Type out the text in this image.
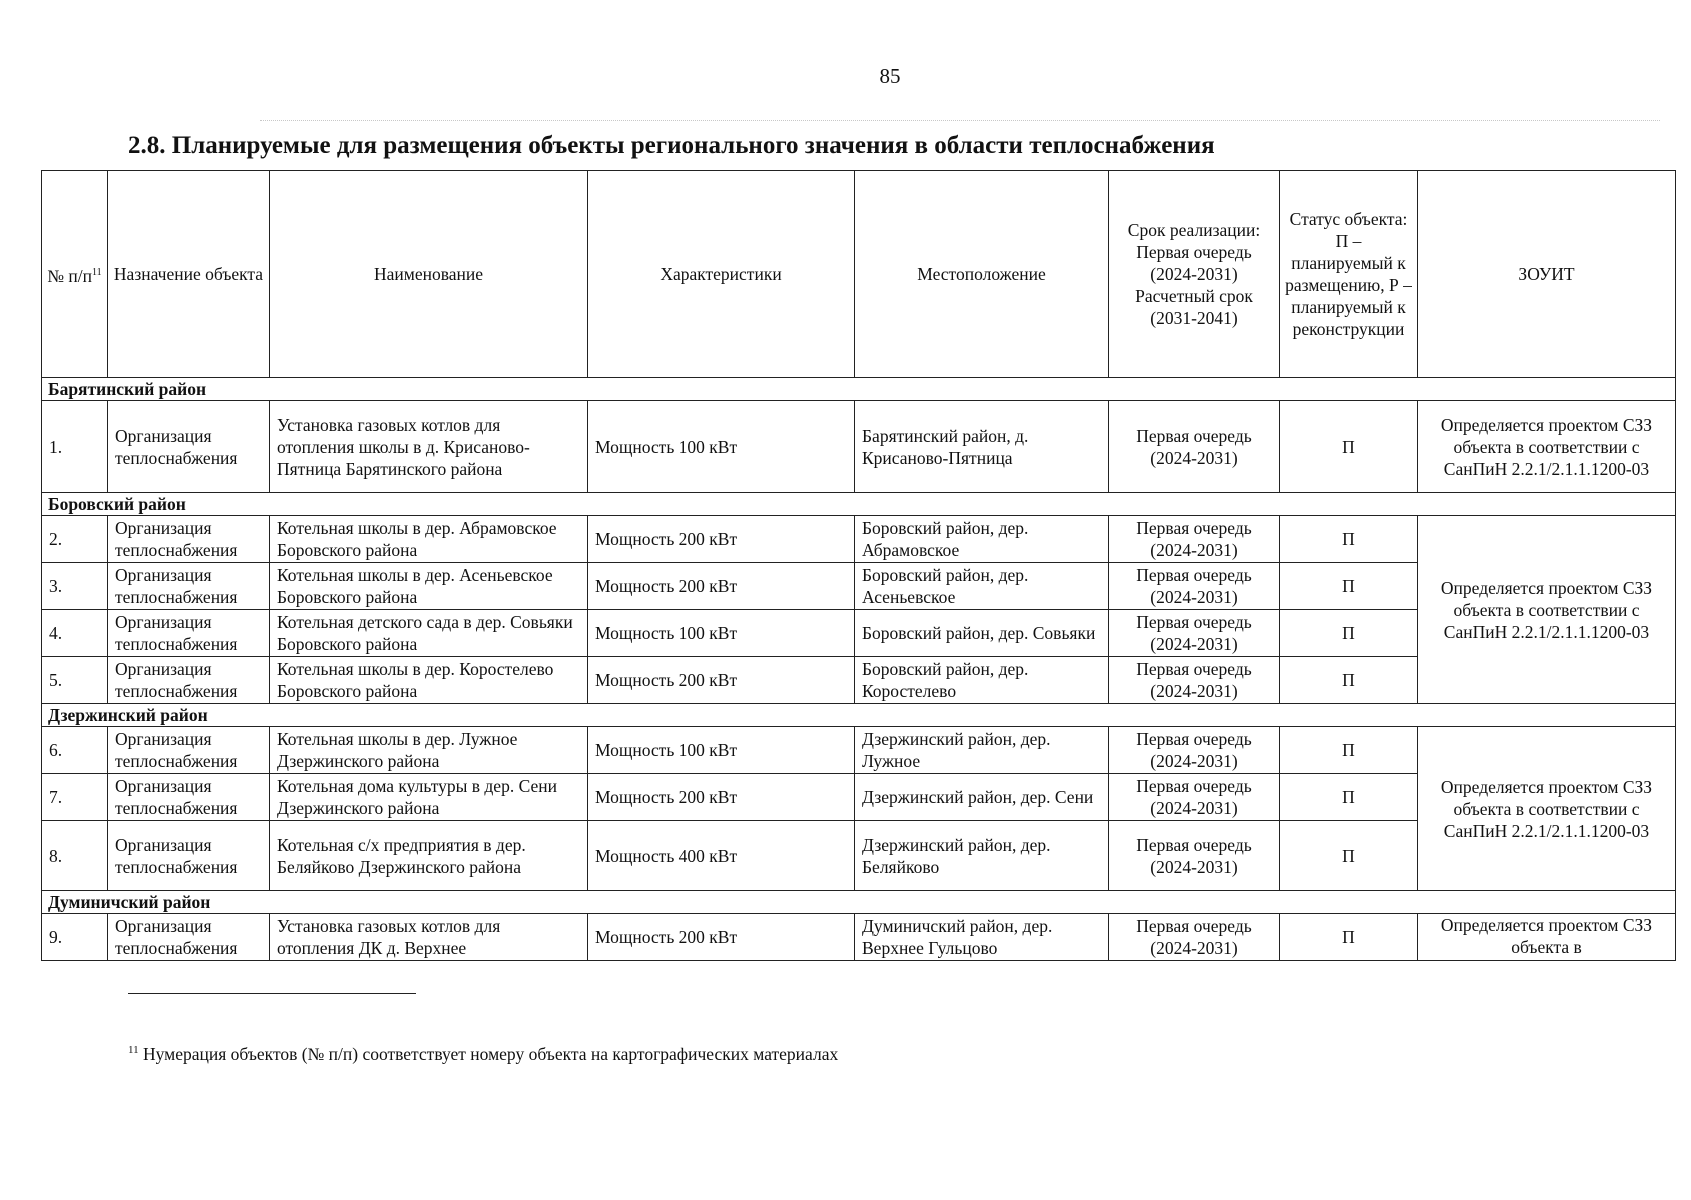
85
2.8. Планируемые для размещения объекты регионального значения в области теплоснабжения
№ $п/п^{11}$	Назначение объекта	Наименование	Характеристики	Местоположение	Срок реализации: Первая очередь (2024-2031) Расчетный срок (2031-2041)	Статус объекта: П – планируемый к размещению, Р – планируемый к реконструкции	ЗОУИТ
Барятинский район							
1.	Организация теплоснабжения	Установка газовых котлов для отопления школы в д. Крисаново-Пятница Барятинского района	Мощность 100 кВт	Барятинский район, д. Крисаново-Пятница	Первая очередь (2024-2031)	П	Определяется проектом СЗЗ объекта в соответствии с СанПиН 2.2.1/2.1.1.1200-03
Боровский район							
2.	Организация теплоснабжения	Котельная школы в дер. Абрамовское Боровского района	Мощность 200 кВт	Боровский район, дер. Абрамовское	Первая очередь (2024-2031)	П	Определяется проектом СЗЗ объекта в соответствии с СанПиН 2.2.1/2.1.1.1200-03
3.	Организация теплоснабжения	Котельная школы в дер. Асеньевское Боровского района	Мощность 200 кВт	Боровский район, дер. Асеньевское	Первая очередь (2024-2031)	П	
4.	Организация теплоснабжения	Котельная детского сада в дер. Совьяки Боровского района	Мощность 100 кВт	Боровский район, дер. Совьяки	Первая очередь (2024-2031)	П	
5.	Организация теплоснабжения	Котельная школы в дер. Коростелево Боровского района	Мощность 200 кВт	Боровский район, дер. Коростелево	Первая очередь (2024-2031)	П	
Дзержинский район							
6.	Организация теплоснабжения	Котельная школы в дер. Лужное Дзержинского района	Мощность 100 кВт	Дзержинский район, дер. Лужное	Первая очередь (2024-2031)	П	Определяется проектом СЗЗ объекта в соответствии с СанПиН 2.2.1/2.1.1.1200-03
7.	Организация теплоснабжения	Котельная дома культуры в дер. Сени Дзержинского района	Мощность 200 кВт	Дзержинский район, дер. Сени	Первая очередь (2024-2031)	П	
8.	Организация теплоснабжения	Котельная с/х предприятия в дер. Беляйково Дзержинского района	Мощность 400 кВт	Дзержинский район, дер. Беляйково	Первая очередь (2024-2031)	П	
Думиничский район							
9.	Организация теплоснабжения	Установка газовых котлов для отопления ДК д. Верхнее	Мощность 200 кВт	Думиничский район, дер. Верхнее Гульцово	Первая очередь (2024-2031)	П	Определяется проектом СЗЗ объекта в
$^{11}$ Нумерация объектов (№ п/п) соответствует номеру объекта на картографических материалах
